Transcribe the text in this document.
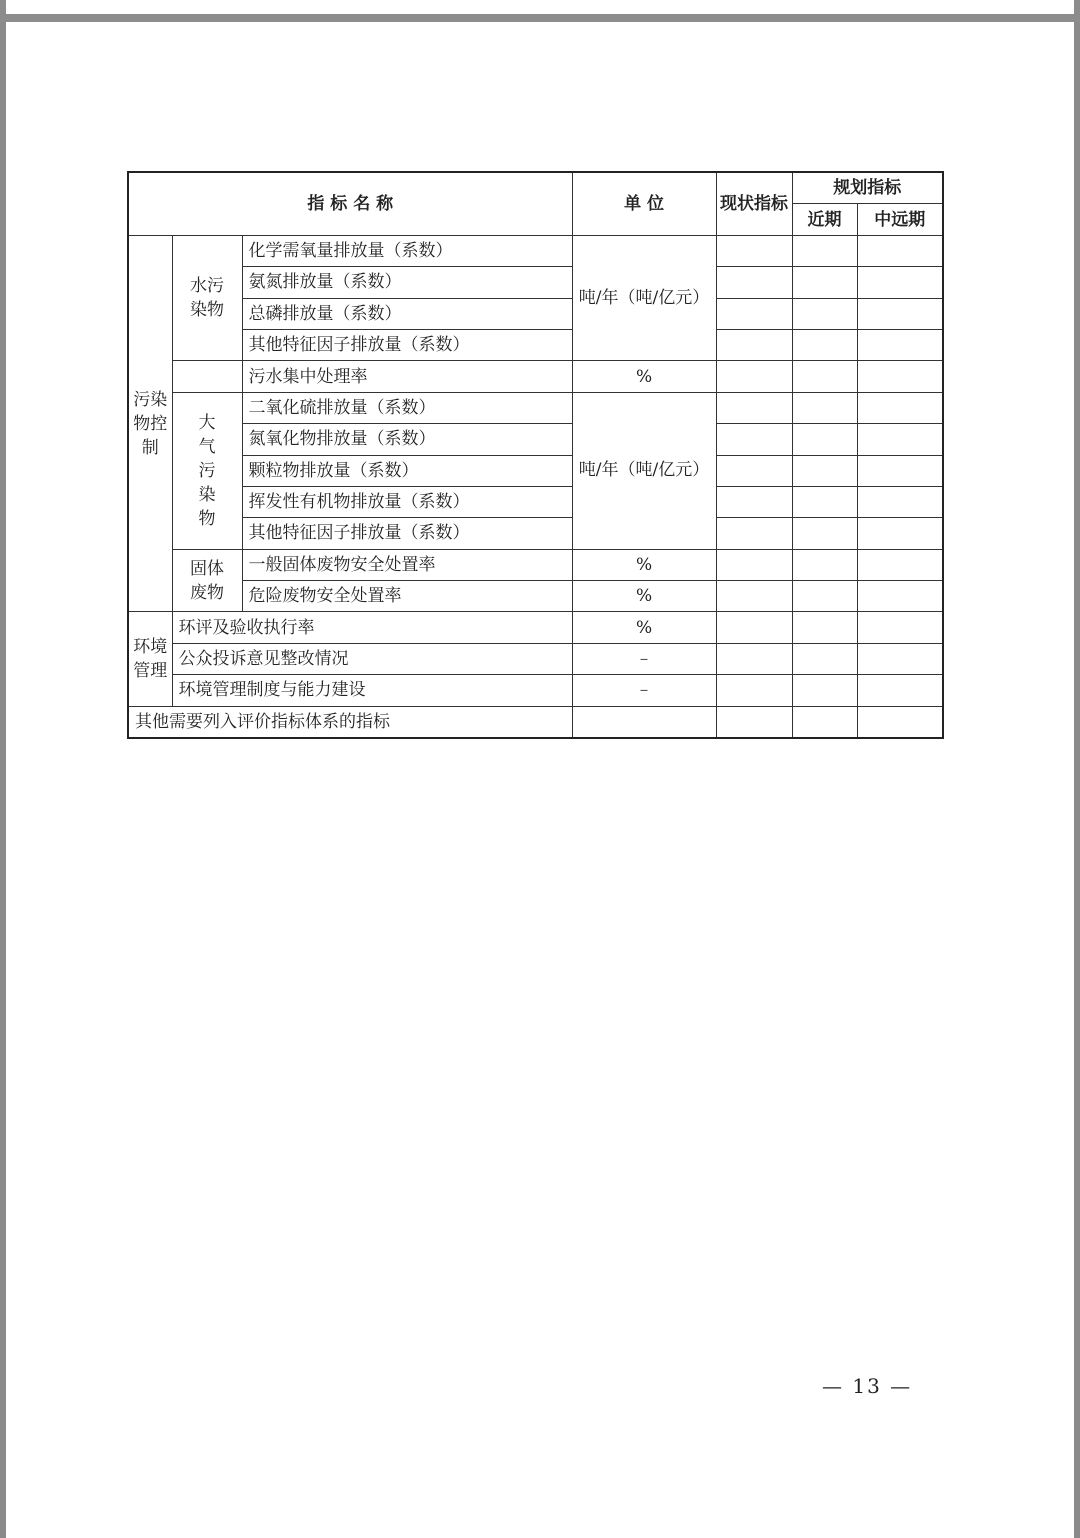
指 标 名 称			单 位	现状指标	规划指标	
					近期	中远期
污染物控制	水污染物	化学需氧量排放量（系数）	吨/年（吨/亿元）			
		氨氮排放量（系数）				
		总磷排放量（系数）				
		其他特征因子排放量（系数）				
		污水集中处理率	%			
	大气污染物	二氧化硫排放量（系数）	吨/年（吨/亿元）			
		氮氧化物排放量（系数）				
		颗粒物排放量（系数）				
		挥发性有机物排放量（系数）				
		其他特征因子排放量（系数）				
	固体废物	一般固体废物安全处置率	%			
		危险废物安全处置率	%			
环境管理	环评及验收执行率		%			
	公众投诉意见整改情况		–			
	环境管理制度与能力建设		–			
其他需要列入评价指标体系的指标						
— 13 —
